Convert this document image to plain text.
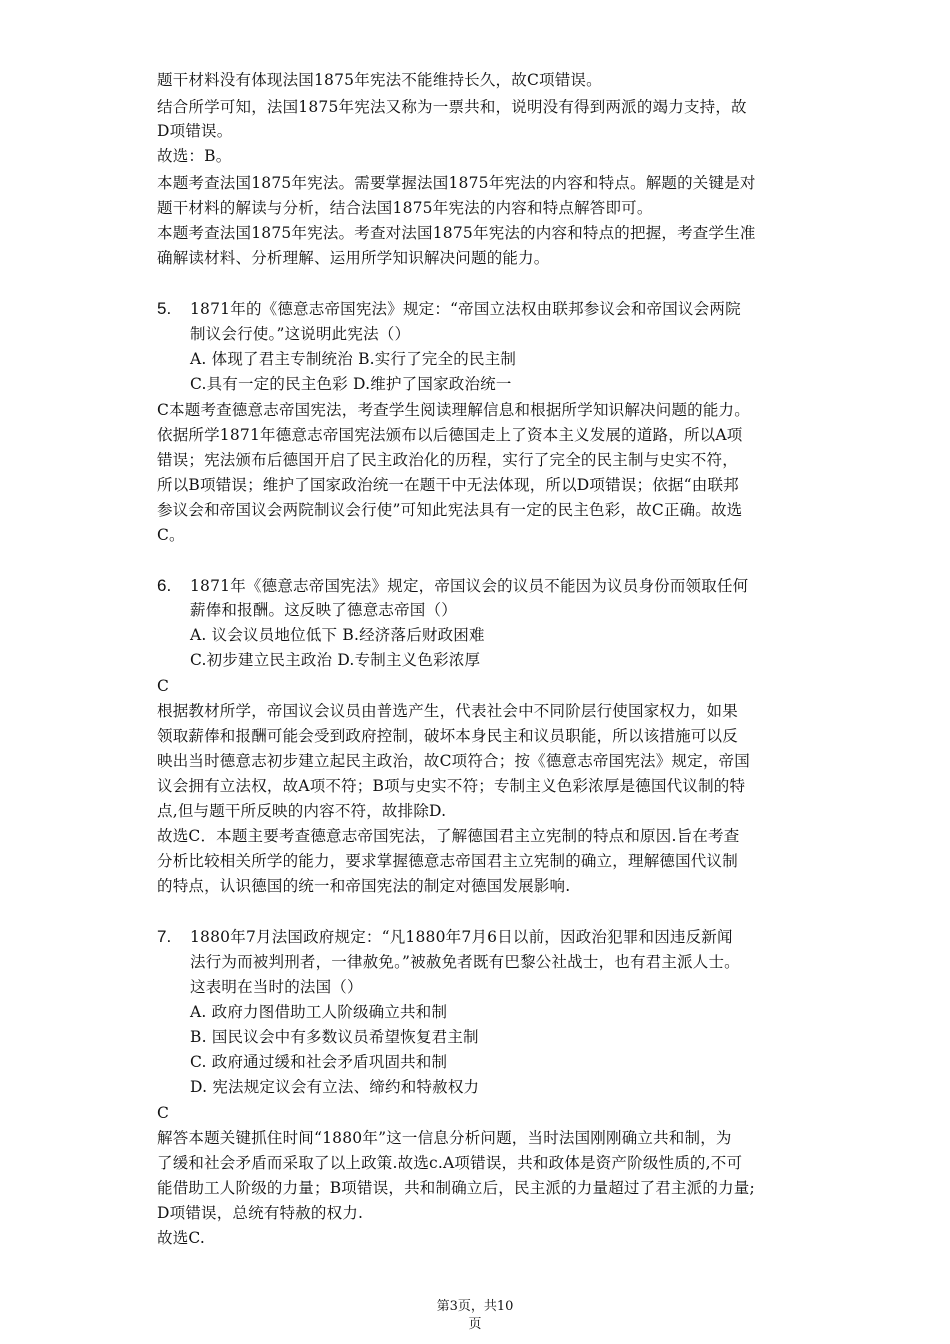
题干材料没有体现法国1875年宪法不能维持长久，故C项错误。
结合所学可知，法国1875年宪法又称为一票共和，说明没有得到两派的竭力支持，故
D项错误。
故选：B。
本题考查法国1875年宪法。需要掌握法国1875年宪法的内容和特点。解题的关键是对
题干材料的解读与分析，结合法国1875年宪法的内容和特点解答即可。
本题考查法国1875年宪法。考查对法国1875年宪法的内容和特点的把握，考查学生准
确解读材料、分析理解、运用所学知识解决问题的能力。
5. 1871年的《德意志帝国宪法》规定：“帝国立法权由联邦参议会和帝国议会两院
制议会行使。”这说明此宪法（）
A. 体现了君主专制统治 B.实行了完全的民主制
C.具有一定的民主色彩 D.维护了国家政治统一
C本题考查德意志帝国宪法，考查学生阅读理解信息和根据所学知识解决问题的能力。
依据所学1871年德意志帝国宪法颁布以后德国走上了资本主义发展的道路，所以A项
错误；宪法颁布后德国开启了民主政治化的历程，实行了完全的民主制与史实不符，
所以B项错误；维护了国家政治统一在题干中无法体现，所以D项错误；依据“由联邦
参议会和帝国议会两院制议会行使”可知此宪法具有一定的民主色彩，故C正确。故选
C。
6. 1871年《德意志帝国宪法》规定，帝国议会的议员不能因为议员身份而领取任何
薪俸和报酬。这反映了德意志帝国（）
A. 议会议员地位低下 B.经济落后财政困难
C.初步建立民主政治 D.专制主义色彩浓厚
C
根据教材所学，帝国议会议员由普选产生，代表社会中不同阶层行使国家权力，如果
领取薪俸和报酬可能会受到政府控制，破坏本身民主和议员职能，所以该措施可以反
映出当时德意志初步建立起民主政治，故C项符合；按《德意志帝国宪法》规定，帝国
议会拥有立法权，故A项不符；B项与史实不符；专制主义色彩浓厚是德国代议制的特
点,但与题干所反映的内容不符，故排除D.
故选C．本题主要考查德意志帝国宪法，了解德国君主立宪制的特点和原因.旨在考查
分析比较相关所学的能力，要求掌握德意志帝国君主立宪制的确立，理解德国代议制
的特点，认识德国的统一和帝国宪法的制定对德国发展影响.
7. 1880年7月法国政府规定：“凡1880年7月6日以前，因政治犯罪和因违反新闻
法行为而被判刑者，一律赦免。”被赦免者既有巴黎公社战士，也有君主派人士。
这表明在当时的法国（）
A. 政府力图借助工人阶级确立共和制
B. 国民议会中有多数议员希望恢复君主制
C. 政府通过缓和社会矛盾巩固共和制
D. 宪法规定议会有立法、缔约和特赦权力
C
解答本题关键抓住时间“1880年”这一信息分析问题，当时法国刚刚确立共和制，为
了缓和社会矛盾而采取了以上政策.故选c.A项错误，共和政体是资产阶级性质的,不可
能借助工人阶级的力量；B项错误，共和制确立后，民主派的力量超过了君主派的力量;
D项错误，总统有特赦的权力.
故选C.
第3页，共10
页
